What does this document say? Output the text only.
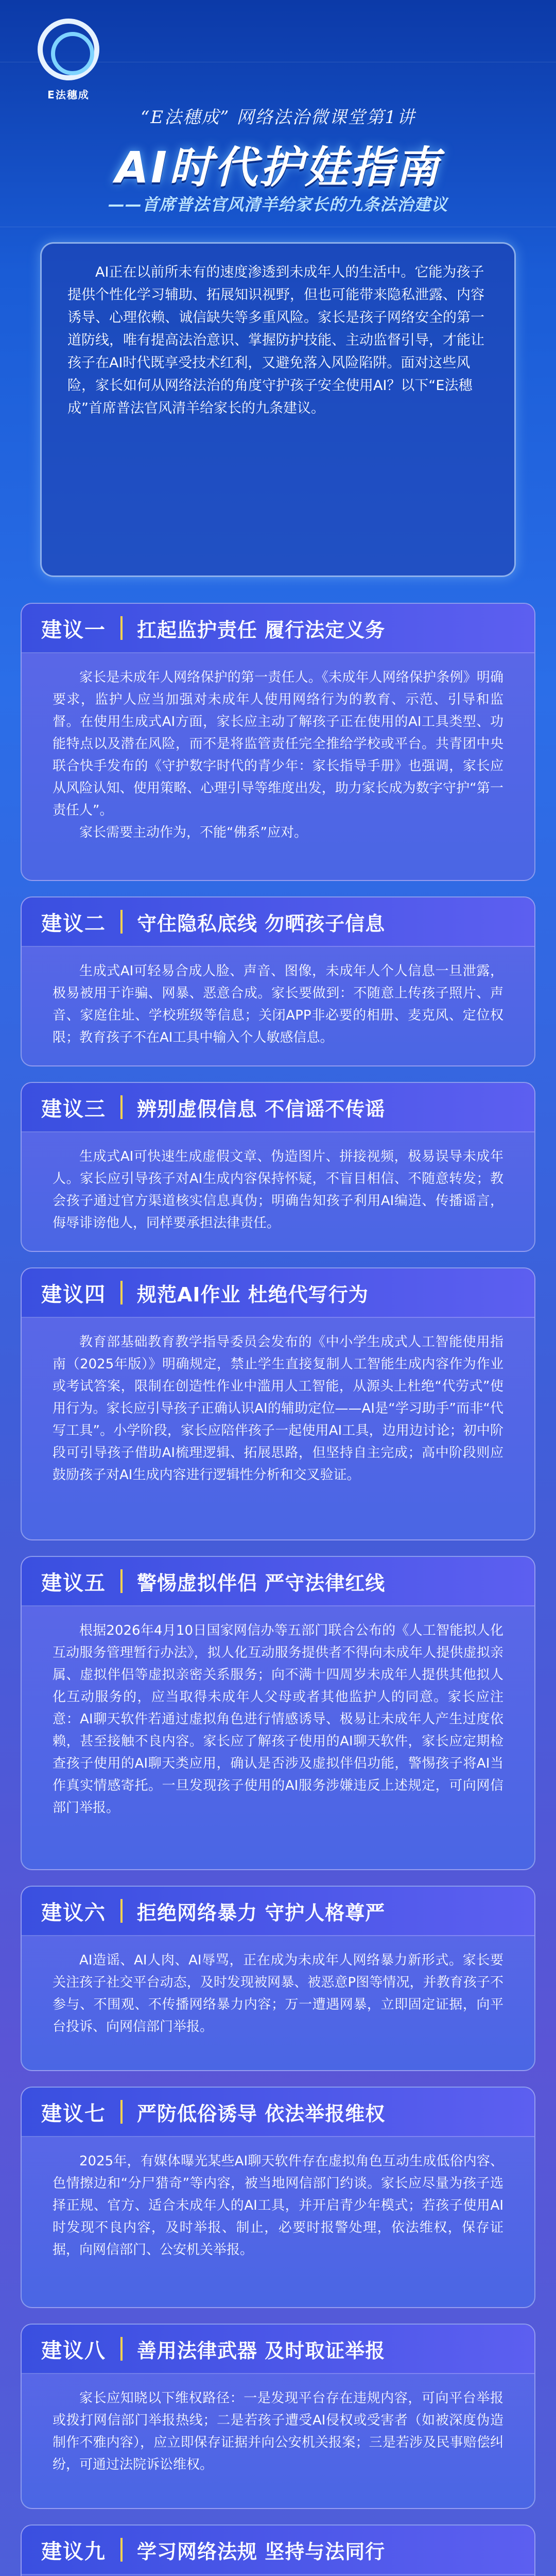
E法穗成
“E法穗成” 网络法治微课堂第1讲
AI时代护娃指南
——首席普法官风清羊给家长的九条法治建议

AI正在以前所未有的速度渗透到未成年人的生活中。它能为孩子提供个性化学习辅助、拓展知识视野，但也可能带来隐私泄露、内容诱导、心理依赖、诚信缺失等多重风险。家长是孩子网络安全的第一道防线，唯有提高法治意识、掌握防护技能、主动监督引导，才能让孩子在AI时代既享受技术红利，又避免落入风险陷阱。面对这些风险，家长如何从网络法治的角度守护孩子安全使用AI？以下“E法穗成”首席普法官风清羊给家长的九条建议。

建议一 扛起监护责任 履行法定义务

家长是未成年人网络保护的第一责任人。《未成年人网络保护条例》明确要求，监护人应当加强对未成年人使用网络行为的教育、示范、引导和监督。在使用生成式AI方面，家长应主动了解孩子正在使用的AI工具类型、功能特点以及潜在风险，而不是将监管责任完全推给学校或平台。共青团中央联合快手发布的《守护数字时代的青少年：家长指导手册》也强调，家长应从风险认知、使用策略、心理引导等维度出发，助力家长成为数字守护“第一责任人”。

家长需要主动作为，不能“佛系”应对。

建议二 守住隐私底线 勿晒孩子信息

生成式AI可轻易合成人脸、声音、图像，未成年人个人信息一旦泄露，极易被用于诈骗、网暴、恶意合成。家长要做到：不随意上传孩子照片、声音、家庭住址、学校班级等信息；关闭APP非必要的相册、麦克风、定位权限；教育孩子不在AI工具中输入个人敏感信息。

建议三 辨别虚假信息 不信谣不传谣

生成式AI可快速生成虚假文章、伪造图片、拼接视频，极易误导未成年人。家长应引导孩子对AI生成内容保持怀疑，不盲目相信、不随意转发；教会孩子通过官方渠道核实信息真伪；明确告知孩子利用AI编造、传播谣言，侮辱诽谤他人，同样要承担法律责任。

建议四 规范AI作业 杜绝代写行为

教育部基础教育教学指导委员会发布的《中小学生成式人工智能使用指南（2025年版）》明确规定，禁止学生直接复制人工智能生成内容作为作业或考试答案，限制在创造性作业中滥用人工智能，从源头上杜绝“代劳式”使用行为。家长应引导孩子正确认识AI的辅助定位——AI是“学习助手”而非“代写工具”。小学阶段，家长应陪伴孩子一起使用AI工具，边用边讨论；初中阶段可引导孩子借助AI梳理逻辑、拓展思路，但坚持自主完成；高中阶段则应鼓励孩子对AI生成内容进行逻辑性分析和交叉验证。

建议五 警惕虚拟伴侣 严守法律红线

根据2026年4月10日国家网信办等五部门联合公布的《人工智能拟人化互动服务管理暂行办法》，拟人化互动服务提供者不得向未成年人提供虚拟亲属、虚拟伴侣等虚拟亲密关系服务；向不满十四周岁未成年人提供其他拟人化互动服务的，应当取得未成年人父母或者其他监护人的同意。家长应注意：AI聊天软件若通过虚拟角色进行情感诱导、极易让未成年人产生过度依赖，甚至接触不良内容。家长应了解孩子使用的AI聊天软件，家长应定期检查孩子使用的AI聊天类应用，确认是否涉及虚拟伴侣功能，警惕孩子将AI当作真实情感寄托。一旦发现孩子使用的AI服务涉嫌违反上述规定，可向网信部门举报。

建议六 拒绝网络暴力 守护人格尊严

AI造谣、AI人肉、AI辱骂，正在成为未成年人网络暴力新形式。家长要关注孩子社交平台动态，及时发现被网暴、被恶意P图等情况，并教育孩子不参与、不围观、不传播网络暴力内容；万一遭遇网暴，立即固定证据，向平台投诉、向网信部门举报。

建议七 严防低俗诱导 依法举报维权

2025年，有媒体曝光某些AI聊天软件存在虚拟角色互动生成低俗内容、色情擦边和“分尸猎奇”等内容，被当地网信部门约谈。家长应尽量为孩子选择正规、官方、适合未成年人的AI工具，并开启青少年模式；若孩子使用AI时发现不良内容，及时举报、制止，必要时报警处理，依法维权，保存证据，向网信部门、公安机关举报。

建议八 善用法律武器 及时取证举报

家长应知晓以下维权路径：一是发现平台存在违规内容，可向平台举报或拨打网信部门举报热线；二是若孩子遭受AI侵权或受害者（如被深度伪造制作不雅内容），应立即保存证据并向公安机关报案；三是若涉及民事赔偿纠纷，可通过法院诉讼维权。

建议九 学习网络法规 坚持与法同行
